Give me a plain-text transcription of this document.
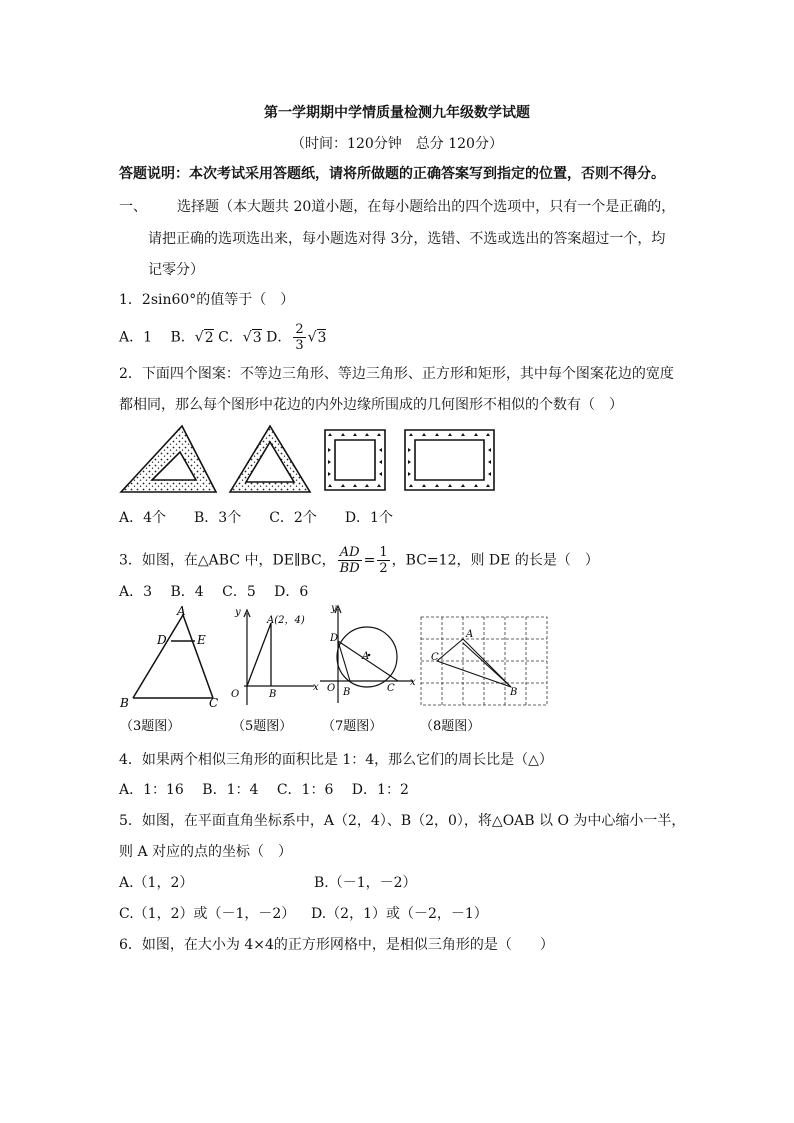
第一学期期中学情质量检测九年级数学试题
（时间：120分钟　总分 120分）
答题说明：本次考试采用答题纸，请将所做题的正确答案写到指定的位置，否则不得分。
一、 选择题（本大题共 20道小题，在每小题给出的四个选项中，只有一个是正确的，
请把正确的选项选出来，每小题选对得 3分，选错、不选或选出的答案超过一个，均
记零分）
1．2sin60°的值等于（　）
A．1　 B．√2 C．√3 D． $\frac{2}{3} √3$
2．下面四个图案：不等边三角形、等边三角形、正方形和矩形，其中每个图案花边的宽度
都相同，那么每个图形中花边的内外边缘所围成的几何图形不相似的个数有（　）
A．4个　　B．3个　　C．2个　　D．1个
3．如图，在△ABC 中，DE∥BC， $\frac{AD}{BD} = \frac{1}{2}$ ，BC=12，则 DE 的长是（　）
A．3　 B．4　 C．5　 D．6
A
D	E
B	C
（3题图）
y
x
O	B
A(2，4)
（5题图）
y
x
O B	C
D
A
（7题图）
A
C
B
（8题图）
4．如果两个相似三角形的面积比是 1：4，那么它们的周长比是（△）
A．1：16　 B．1：4　 C．1：6　 D．1：2
5．如图，在平面直角坐标系中，A（2，4）、B（2，0），将△OAB 以 O 为中心缩小一半，
则 A 对应的点的坐标（　）
A.（1，2）	B.（－1，－2）
C.（1，2）或（－1，－2） D.（2，1）或（－2，－1）
6．如图，在大小为 4×4的正方形网格中，是相似三角形的是（　　）
